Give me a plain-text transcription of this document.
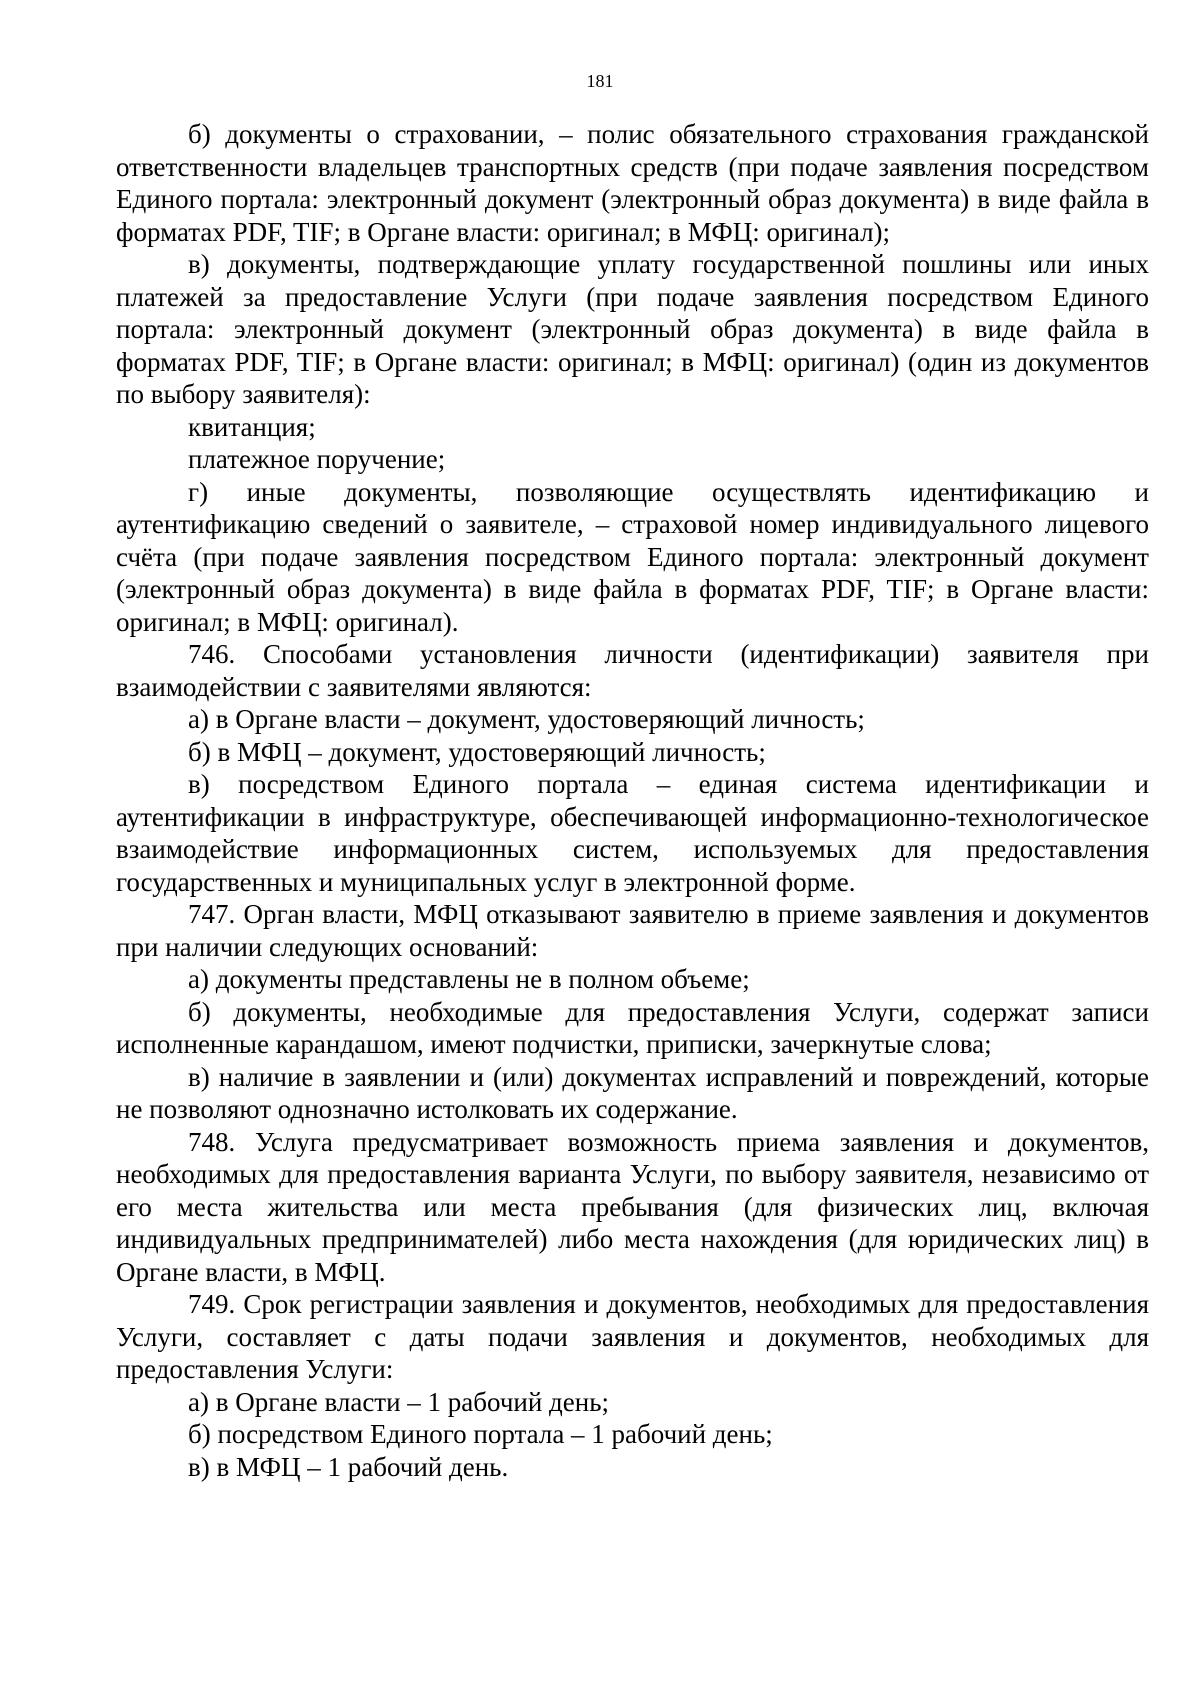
181

б) документы о страховании, – полис обязательного страхования гражданской ответственности владельцев транспортных средств (при подаче заявления посредством Единого портала: электронный документ (электронный образ документа) в виде файла в форматах PDF, TIF; в Органе власти: оригинал; в МФЦ: оригинал);

в) документы, подтверждающие уплату государственной пошлины или иных платежей за предоставление Услуги (при подаче заявления посредством Единого портала: электронный документ (электронный образ документа) в виде файла в форматах PDF, TIF; в Органе власти: оригинал; в МФЦ: оригинал) (один из документов по выбору заявителя):

квитанция;

платежное поручение;

г) иные документы, позволяющие осуществлять идентификацию и аутентификацию сведений о заявителе, – страховой номер индивидуального лицевого счёта (при подаче заявления посредством Единого портала: электронный документ (электронный образ документа) в виде файла в форматах PDF, TIF; в Органе власти: оригинал; в МФЦ: оригинал).

746. Способами установления личности (идентификации) заявителя при взаимодействии с заявителями являются:

а) в Органе власти – документ, удостоверяющий личность;

б) в МФЦ – документ, удостоверяющий личность;

в) посредством Единого портала – единая система идентификации и аутентификации в инфраструктуре, обеспечивающей информационно-технологическое взаимодействие информационных систем, используемых для предоставления государственных и муниципальных услуг в электронной форме.

747. Орган власти, МФЦ отказывают заявителю в приеме заявления и документов при наличии следующих оснований:

а) документы представлены не в полном объеме;

б) документы, необходимые для предоставления Услуги, содержат записи исполненные карандашом, имеют подчистки, приписки, зачеркнутые слова;

в) наличие в заявлении и (или) документах исправлений и повреждений, которые не позволяют однозначно истолковать их содержание.

748. Услуга предусматривает возможность приема заявления и документов, необходимых для предоставления варианта Услуги, по выбору заявителя, независимо от его места жительства или места пребывания (для физических лиц, включая индивидуальных предпринимателей) либо места нахождения (для юридических лиц) в Органе власти, в МФЦ.

749. Срок регистрации заявления и документов, необходимых для предоставления Услуги, составляет с даты подачи заявления и документов, необходимых для предоставления Услуги:

а) в Органе власти – 1 рабочий день;

б) посредством Единого портала – 1 рабочий день;

в) в МФЦ – 1 рабочий день.
